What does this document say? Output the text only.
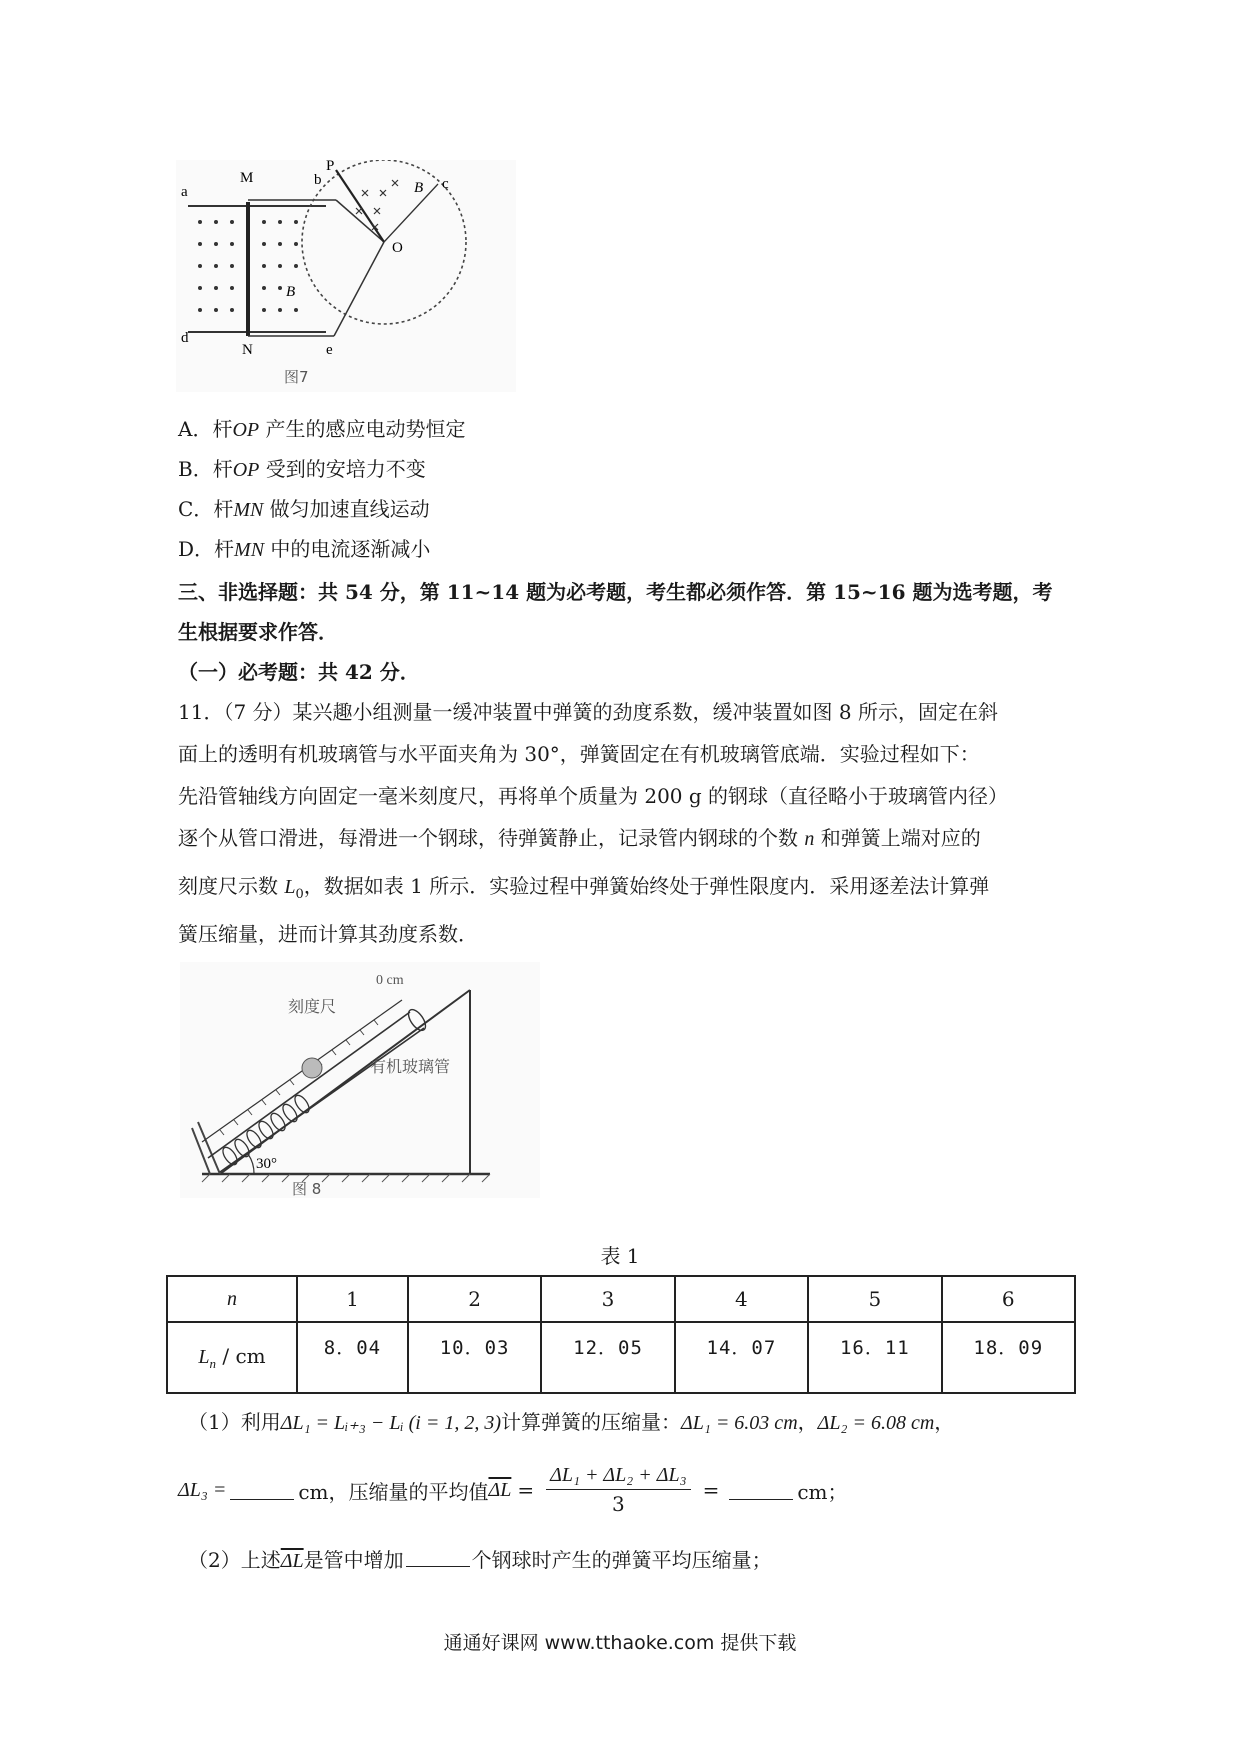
a
M	b
P
B c
O
B
d
N	e
图7
A．杆OP 产生的感应电动势恒定
B．杆OP 受到的安培力不变
C．杆MN 做匀加速直线运动
D．杆MN 中的电流逐渐减小
三、非选择题：共 54 分，第 11~14 题为必考题，考生都必须作答．第 15~16 题为选考题，考
生根据要求作答．
（一）必考题：共 42 分．
11．（7 分）某兴趣小组测量一缓冲装置中弹簧的劲度系数，缓冲装置如图 8 所示，固定在斜
面上的透明有机玻璃管与水平面夹角为 30°，弹簧固定在有机玻璃管底端．实验过程如下：
先沿管轴线方向固定一毫米刻度尺，再将单个质量为 200 g 的钢球（直径略小于玻璃管内径）
逐个从管口滑进，每滑进一个钢球，待弹簧静止，记录管内钢球的个数 n 和弹簧上端对应的
刻度尺示数 $L_0$，数据如表 1 所示．实验过程中弹簧始终处于弹性限度内．采用逐差法计算弹
簧压缩量，进而计算其劲度系数．
刻度尺
0 cm
有机玻璃管
30°
图 8
表 1
n	1	2	3	4	5	6
$L_n$ / cm	8．04	10．03	12．05	14．07	16．11	18．09
（1）利用ΔL₁ = Lᵢ₊₃ − Lᵢ (i = 1, 2, 3)计算弹簧的压缩量：ΔL₁ = 6.03 cm，ΔL₂ = 6.08 cm，
ΔL₃ =	cm，压缩量的平均值 $\overline{\Delta L} = \frac{\text{ΔL₁ + ΔL₂ + ΔL₃}}{3}$ =	cm；
（2）上述$\overline{\Delta L}$是管中增加	个钢球时产生的弹簧平均压缩量；
通通好课网 www.tthaoke.com 提供下载
